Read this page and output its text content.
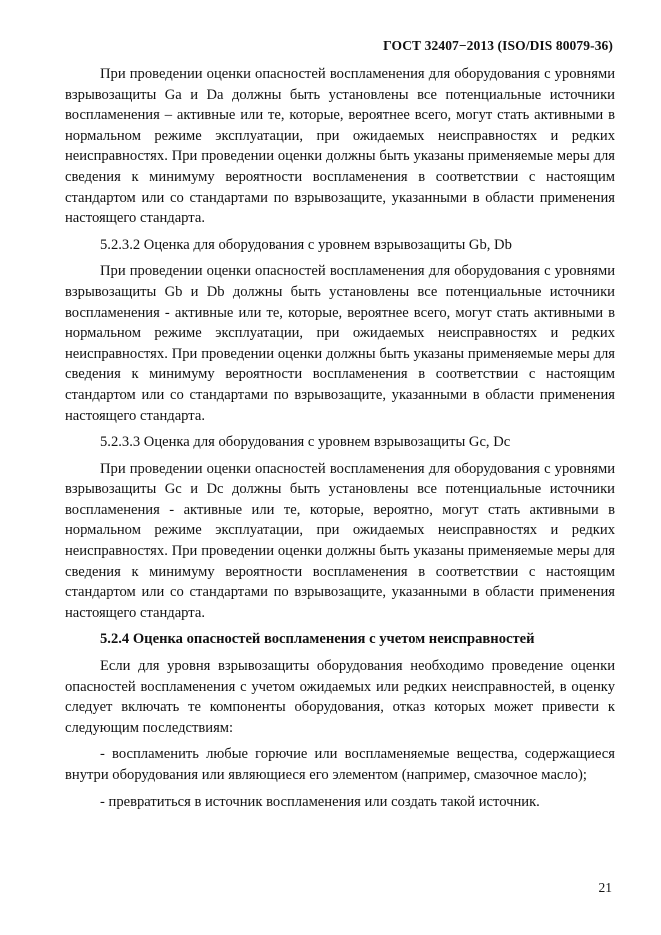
ГОСТ 32407−2013 (ISO/DIS 80079-36)

При проведении оценки опасностей воспламенения для оборудования с уровнями взрывозащиты Ga и Da должны быть установлены все потенциальные источники воспламенения – активные или те, которые, вероятнее всего, могут стать активными в нормальном режиме эксплуатации, при ожидаемых неисправностях и редких неисправностях. При проведении оценки должны быть указаны применяемые меры для сведения к минимуму вероятности воспламенения в соответствии с настоящим стандартом или со стандартами по взрывозащите, указанными в области применения настоящего стандарта.

5.2.3.2 Оценка для оборудования с уровнем взрывозащиты Gb, Db

При проведении оценки опасностей воспламенения для оборудования с уровнями взрывозащиты Gb и Db должны быть установлены все потенциальные источники воспламенения - активные или те, которые, вероятнее всего, могут стать активными в нормальном режиме эксплуатации, при ожидаемых неисправностях и редких неисправностях. При проведении оценки должны быть указаны применяемые меры для сведения к минимуму вероятности воспламенения в соответствии с настоящим стандартом или со стандартами по взрывозащите, указанными в области применения настоящего стандарта.

5.2.3.3 Оценка для оборудования с уровнем взрывозащиты Gc, Dc

При проведении оценки опасностей воспламенения для оборудования с уровнями взрывозащиты Gc и Dc должны быть установлены все потенциальные источники воспламенения - активные или те, которые, вероятно, могут стать активными в нормальном режиме эксплуатации, при ожидаемых неисправностях и редких неисправностях. При проведении оценки должны быть указаны применяемые меры для сведения к минимуму вероятности воспламенения в соответствии с настоящим стандартом или со стандартами по взрывозащите, указанными в области применения настоящего стандарта.

5.2.4 Оценка опасностей воспламенения с учетом неисправностей

Если для уровня взрывозащиты оборудования необходимо проведение оценки опасностей воспламенения с учетом ожидаемых или редких неисправностей, в оценку следует включать те компоненты оборудования, отказ которых может привести к следующим последствиям:

- воспламенить любые горючие или воспламеняемые вещества, содержащиеся внутри оборудования или являющиеся его элементом (например, смазочное масло);

- превратиться в источник воспламенения или создать такой источник.

21
